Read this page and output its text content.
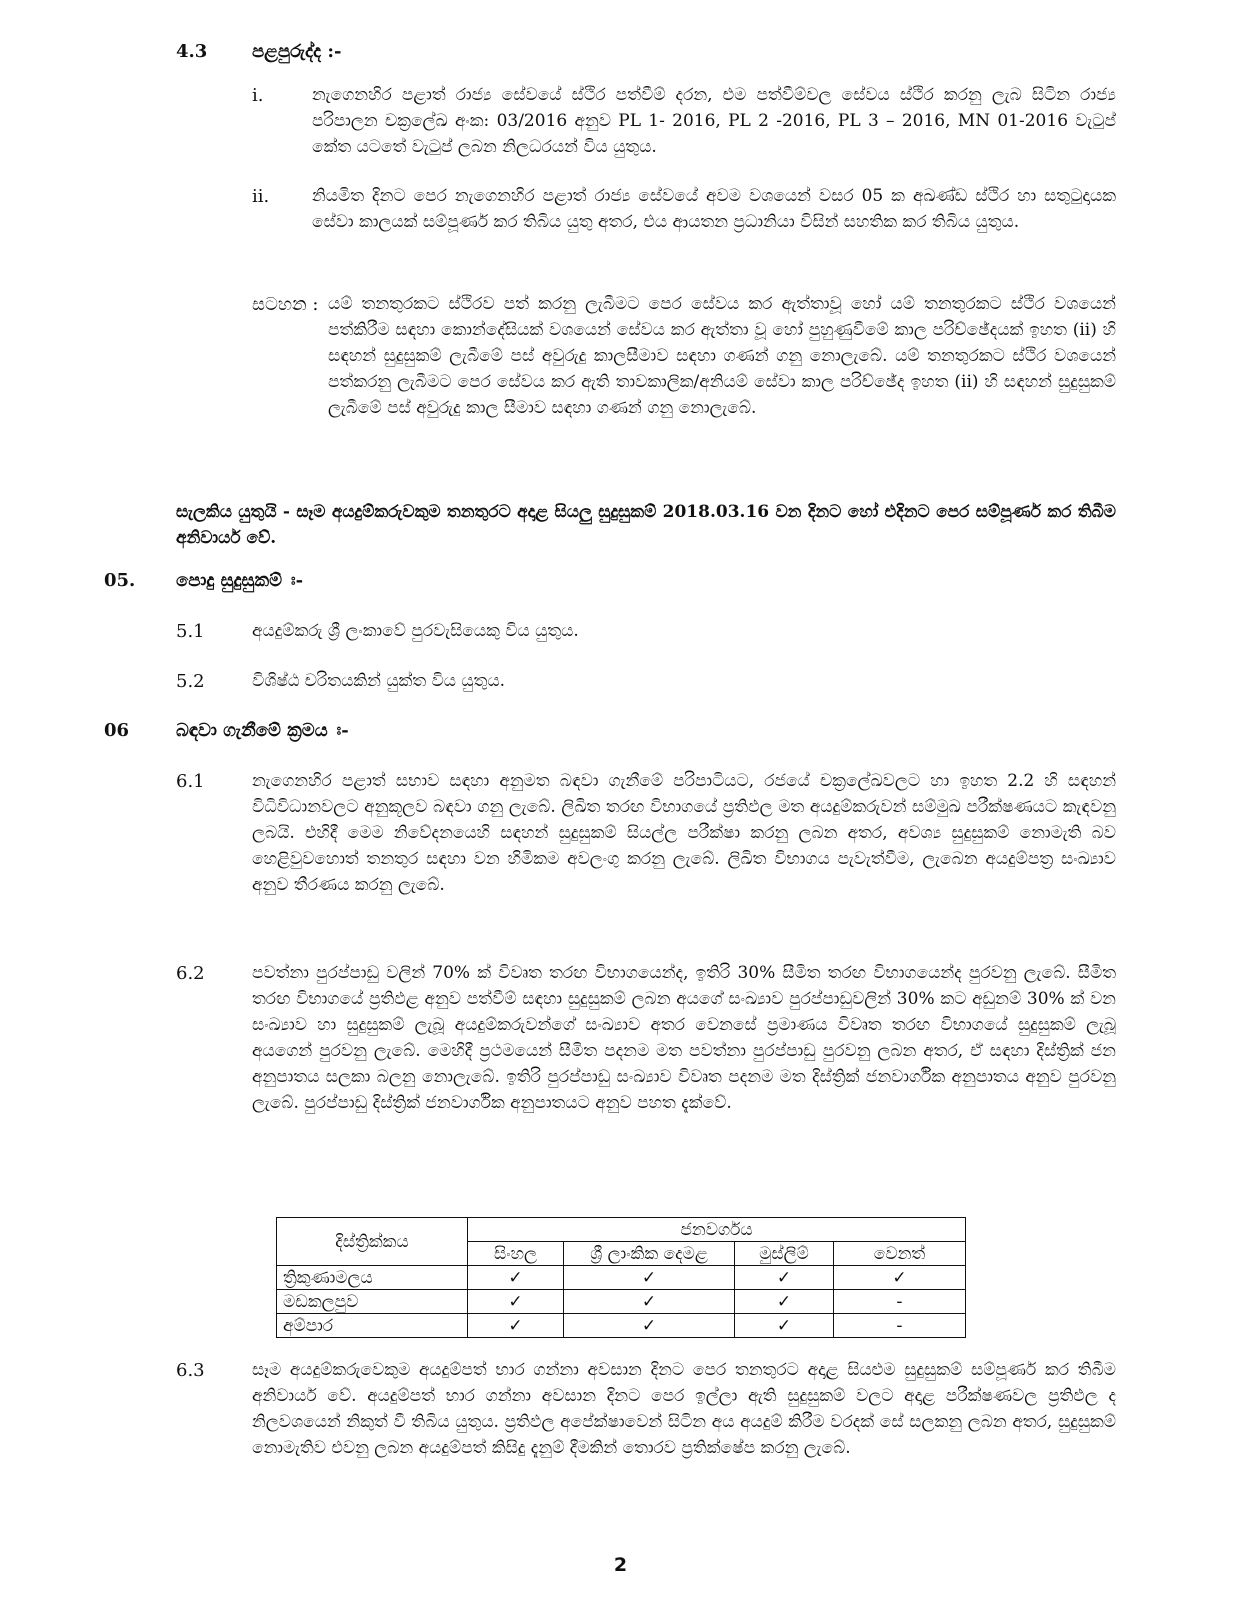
4.3 පළපුරුද්ද :-
i.	නැගෙනහිර පළාත් රාජ්‍ය සේවයේ ස්ථිර පත්වීම් දරන, එම පත්වීම්වල සේවය ස්ථිර කරනු ලැබ සිටින රාජ්‍ය පරිපාලන චක්‍රලේඛ අංක: 03/2016 අනුව PL 1- 2016, PL 2 -2016, PL 3 – 2016, MN 01-2016 වැටුප් කේත යටතේ වැටුප් ලබන නිලධරයන් විය යුතුය.
ii.	නියමිත දිනට පෙර නැගෙනහිර පළාත් රාජ්‍ය සේවයේ අවම වශයෙන් වසර 05 ක අඛණ්ඩ ස්ථිර හා සතුටුදායක සේවා කාලයක් සම්පූර්ණ කර තිබිය යුතු අතර, එය ආයතන ප්‍රධානියා විසින් සහතික කර තිබිය යුතුය.
සටහන : යම් තනතුරකට ස්ථිරව පත් කරනු ලැබීමට පෙර සේවය කර ඇත්තාවූ හෝ යම් තනතුරකට ස්ථිර වශයෙන් පත්කිරීම සඳහා කොන්දේසියක් වශයෙන් සේවය කර ඇත්තා වූ හෝ පුහුණුවීමේ කාල පරිච්ඡේදයක් ඉහත (ii) හි සඳහන් සුදුසුකම් ලැබීමේ පස් අවුරුදු කාලසීමාව සඳහා ගණන් ගනු නොලැබේ. යම් තනතුරකට ස්ථිර වශයෙන් පත්කරනු ලැබීමට පෙර සේවය කර ඇති තාවකාලික/අනියම් සේවා කාල පරිච්ඡේද ඉහත (ii) හි සඳහන් සුදුසුකම් ලැබීමේ පස් අවුරුදු කාල සීමාව සඳහා ගණන් ගනු නොලැබේ.
සැලකිය යුතුයි - සෑම අයදුම්කරුවකුම තනතුරට අදාළ සියලු සුදුසුකම් 2018.03.16 වන දිනට හෝ එදිනට පෙර සම්පූර්ණ කර තිබීම අනිවාර්ය වේ.
05. පොදු සුදුසුකම් ඃ-
5.1	අයදුම්කරු ශ්‍රී ලංකාවේ පුරවැසියෙකු විය යුතුය.
5.2	විශිෂ්ඨ චරිතයකින් යුක්ත විය යුතුය.
06	බඳවා ගැනීමේ ක්‍රමය ඃ-
6.1	නැගෙනහිර පළාත් සභාව සඳහා අනුමත බඳවා ගැනීමේ පරිපාටියට, රජයේ චක්‍රලේඛවලට හා ඉහත 2.2 හි සඳහන් විධිවිධානවලට අනුකූලව බඳවා ගනු ලැබේ. ලිඛිත තරඟ විභාගයේ ප්‍රතිඵල මත අයදුම්කරුවන් සම්මුඛ පරීක්ෂණයට කැඳවනු ලබයි. එහිදී මෙම නිවේදනයෙහි සඳහන් සුදුසුකම් සියල්ල පරීක්ෂා කරනු ලබන අතර, අවශ්‍ය සුදුසුකම් නොමැති බව හෙළිවුවහොත් තනතුර සඳහා වන හිමිකම අවලංගු කරනු ලැබේ. ලිඛිත විභාගය පැවැත්වීම, ලැබෙන අයදුම්පත්‍ර සංඛ්‍යාව අනුව තීරණය කරනු ලැබේ.
6.2	පවත්නා පුරප්පාඩු වලින් 70% ක් විවෘත තරඟ විභාගයෙන්ද, ඉතිරි 30% සීමිත තරඟ විභාගයෙන්ද පුරවනු ලැබේ. සීමිත තරඟ විභාගයේ ප්‍රතිඵළ අනුව පත්වීම් සඳහා සුදුසුකම් ලබන අයගේ සංඛ්‍යාව පුරප්පාඩුවලින් 30% කට අඩුනම් 30% ක් වන සංඛ්‍යාව හා සුදුසුකම් ලැබූ අයදුම්කරුවන්ගේ සංඛ්‍යාව අතර වෙනසේ ප්‍රමාණය විවෘත තරඟ විභාගයේ සුදුසුකම් ලැබූ අයගෙන් පුරවනු ලැබේ. මෙහිදී ප්‍රථමයෙන් සීමිත පදනම මත පවත්නා පුරප්පාඩු පුරවනු ලබන අතර, ඒ සඳහා දිස්ත්‍රික් ජන අනුපාතය සලකා බලනු නොලැබේ. ඉතිරි පුරප්පාඩු සංඛ්‍යාව විවෘත පදනම මත දිස්ත්‍රික් ජනවාර්ගික අනුපාතය අනුව පුරවනු ලැබේ. පුරප්පාඩු දිස්ත්‍රික් ජනවාර්ගික අනුපාතයට අනුව පහත දැක්වේ.
දිස්ත්‍රික්කය	ජනවර්ගය			
	සිංහල	ශ්‍රී ලාංකික දෙමළ	මුස්ලිම්	වෙනත්
ත්‍රිකුණාමලය	✓	✓	✓	✓
මඩකලපුව	✓	✓	✓	-
අම්පාර	✓	✓	✓	-
6.3	සෑම අයදුම්කරුවෙකුම අයදුම්පත් භාර ගන්නා අවසාන දිනට පෙර තනතුරට අදාළ සියළුම සුදුසුකම් සම්පූර්ණ කර තිබීම අනිවාර්ය වේ. අයදුම්පත් භාර ගන්නා අවසාන දිනට පෙර ඉල්ලා ඇති සුදුසුකම් වලට අදාළ පරීක්ෂණවල ප්‍රතිඵල ද නිලවශයෙන් නිකුත් වී තිබිය යුතුය. ප්‍රතිඵල අපේක්ෂාවෙන් සිටින අය අයදුම් කිරීම වරදක් සේ සලකනු ලබන අතර, සුදුසුකම් නොමැතිව එවනු ලබන අයදුම්පත් කිසිදු දැනුම් දීමකින් තොරව ප්‍රතික්ෂේප කරනු ලැබේ.
2
